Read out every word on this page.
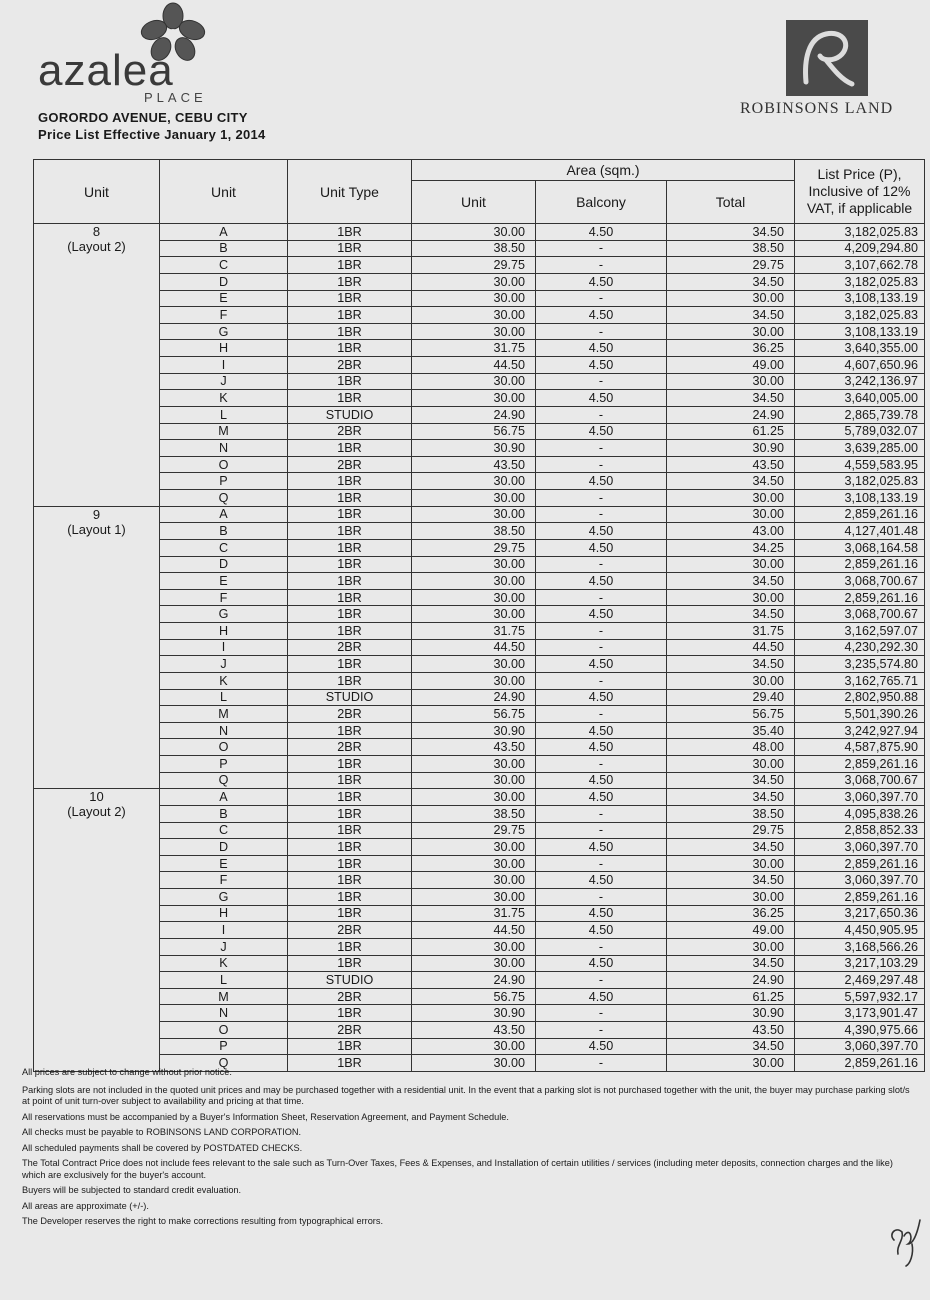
azalea
PLACE
ROBINSONS LAND
GORORDO AVENUE, CEBU CITY
Price List Effective January 1, 2014
Unit	Unit	Unit Type	Area (sqm.)			List Price (P), Inclusive of 12% VAT, if applicable
			Unit	Balcony	Total	

8
(Layout 2)	A	1BR	30.00	4.50	34.50	3,182,025.83
	B	1BR	38.50	-	38.50	4,209,294.80
	C	1BR	29.75	-	29.75	3,107,662.78
	D	1BR	30.00	4.50	34.50	3,182,025.83
	E	1BR	30.00	-	30.00	3,108,133.19
	F	1BR	30.00	4.50	34.50	3,182,025.83
	G	1BR	30.00	-	30.00	3,108,133.19
	H	1BR	31.75	4.50	36.25	3,640,355.00
	I	2BR	44.50	4.50	49.00	4,607,650.96
	J	1BR	30.00	-	30.00	3,242,136.97
	K	1BR	30.00	4.50	34.50	3,640,005.00
	L	STUDIO	24.90	-	24.90	2,865,739.78
	M	2BR	56.75	4.50	61.25	5,789,032.07
	N	1BR	30.90	-	30.90	3,639,285.00
	O	2BR	43.50	-	43.50	4,559,583.95
	P	1BR	30.00	4.50	34.50	3,182,025.83
	Q	1BR	30.00	-	30.00	3,108,133.19

9
(Layout 1)	A	1BR	30.00	-	30.00	2,859,261.16
	B	1BR	38.50	4.50	43.00	4,127,401.48
	C	1BR	29.75	4.50	34.25	3,068,164.58
	D	1BR	30.00	-	30.00	2,859,261.16
	E	1BR	30.00	4.50	34.50	3,068,700.67
	F	1BR	30.00	-	30.00	2,859,261.16
	G	1BR	30.00	4.50	34.50	3,068,700.67
	H	1BR	31.75	-	31.75	3,162,597.07
	I	2BR	44.50	-	44.50	4,230,292.30
	J	1BR	30.00	4.50	34.50	3,235,574.80
	K	1BR	30.00	-	30.00	3,162,765.71
	L	STUDIO	24.90	4.50	29.40	2,802,950.88
	M	2BR	56.75	-	56.75	5,501,390.26
	N	1BR	30.90	4.50	35.40	3,242,927.94
	O	2BR	43.50	4.50	48.00	4,587,875.90
	P	1BR	30.00	-	30.00	2,859,261.16
	Q	1BR	30.00	4.50	34.50	3,068,700.67

10
(Layout 2)	A	1BR	30.00	4.50	34.50	3,060,397.70
	B	1BR	38.50	-	38.50	4,095,838.26
	C	1BR	29.75	-	29.75	2,858,852.33
	D	1BR	30.00	4.50	34.50	3,060,397.70
	E	1BR	30.00	-	30.00	2,859,261.16
	F	1BR	30.00	4.50	34.50	3,060,397.70
	G	1BR	30.00	-	30.00	2,859,261.16
	H	1BR	31.75	4.50	36.25	3,217,650.36
	I	2BR	44.50	4.50	49.00	4,450,905.95
	J	1BR	30.00	-	30.00	3,168,566.26
	K	1BR	30.00	4.50	34.50	3,217,103.29
	L	STUDIO	24.90	-	24.90	2,469,297.48
	M	2BR	56.75	4.50	61.25	5,597,932.17
	N	1BR	30.90	-	30.90	3,173,901.47
	O	2BR	43.50	-	43.50	4,390,975.66
	P	1BR	30.00	4.50	34.50	3,060,397.70
	Q	1BR	30.00	-	30.00	2,859,261.16

All prices are subject to change without prior notice.

Parking slots are not included in the quoted unit prices and may be purchased together with a residential unit. In the event that a parking slot is not purchased together with the unit, the buyer may purchase parking slot/s at point of unit turn-over subject to availability and pricing at that time.

All reservations must be accompanied by a Buyer's Information Sheet, Reservation Agreement, and Payment Schedule.

All checks must be payable to ROBINSONS LAND CORPORATION.

All scheduled payments shall be covered by POSTDATED CHECKS.

The Total Contract Price does not include fees relevant to the sale such as Turn-Over Taxes, Fees & Expenses, and Installation of certain utilities / services (including meter deposits, connection charges and the like) which are exclusively for the buyer's account.

Buyers will be subjected to standard credit evaluation.

All areas are approximate (+/-).

The Developer reserves the right to make corrections resulting from typographical errors.
